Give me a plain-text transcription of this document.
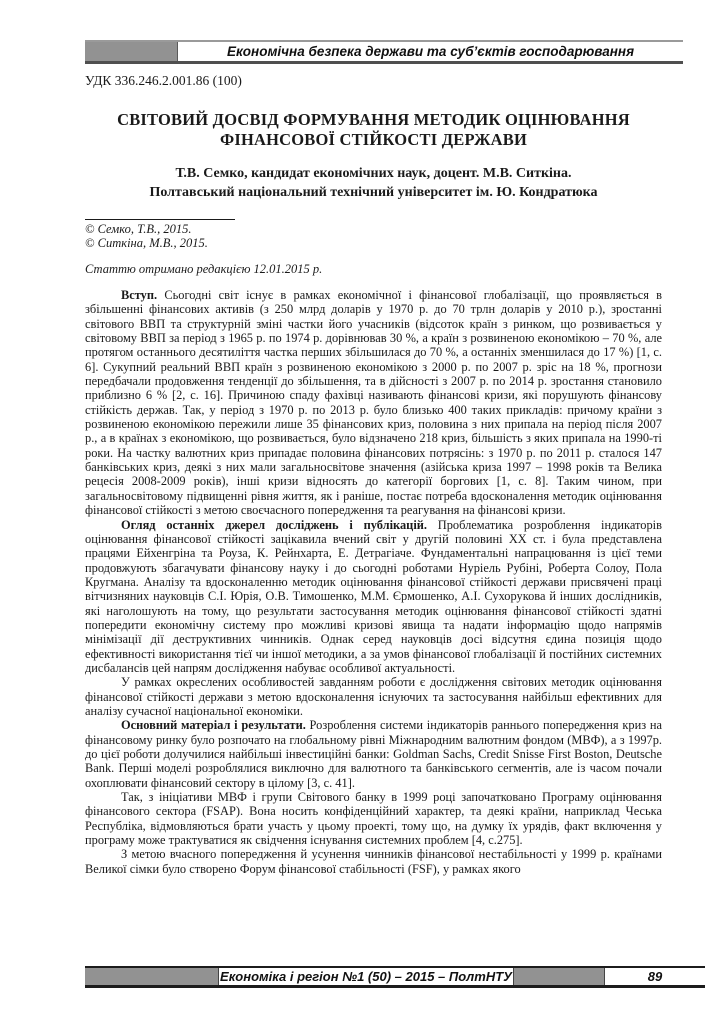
Економічна безпека держави та суб’єктів господарювання
УДК 336.246.2.001.86 (100)
СВІТОВИЙ ДОСВІД ФОРМУВАННЯ МЕТОДИК ОЦІНЮВАННЯ ФІНАНСОВОЇ СТІЙКОСТІ ДЕРЖАВИ
Т.В. Семко, кандидат економічних наук, доцент. М.В. Ситкіна.
Полтавський національний технічний університет ім. Ю. Кондратюка
© Семко, Т.В., 2015.
© Ситкіна, М.В., 2015.
Статтю отримано редакцією 12.01.2015 р.

Вступ. Сьогодні світ існує в рамках економічної і фінансової глобалізації, що проявляється в збільшенні фінансових активів (з 250 млрд доларів у 1970 р. до 70 трлн доларів у 2010 р.), зростанні світового ВВП та структурній зміні частки його учасників (відсоток країн з ринком, що розвивається у світовому ВВП за період з 1965 р. по 1974 р. дорівнював 30 %, а країн з розвиненою економікою – 70 %, але протягом останнього десятиліття частка перших збільшилася до 70 %, а останніх зменшилася до 17 %) [1, с. 6]. Сукупний реальний ВВП країн з розвиненою економікою з 2000 р. по 2007 р. зріс на 18 %, прогнози передбачали продовження тенденції до збільшення, та в дійсності з 2007 р. по 2014 р. зростання становило приблизно 6 % [2, с. 16]. Причиною спаду фахівці називають фінансові кризи, які порушують фінансову стійкість держав. Так, у період з 1970 р. по 2013 р. було близько 400 таких прикладів: причому країни з розвиненою економікою пережили лише 35 фінансових криз, половина з них припала на період після 2007 р., а в країнах з економікою, що розвивається, було відзначено 218 криз, більшість з яких припала на 1990-ті роки. На частку валютних криз припадає половина фінансових потрясінь: з 1970 р. по 2011 р. сталося 147 банківських криз, деякі з них мали загальносвітове значення (азійська криза 1997 – 1998 років та Велика рецесія 2008-2009 років), інші кризи відносять до категорії боргових [1, с. 8]. Таким чином, при загальносвітовому підвищенні рівня життя, як і раніше, постає потреба вдосконалення методик оцінювання фінансової стійкості з метою своєчасного попередження та реагування на фінансові кризи.

Огляд останніх джерел досліджень і публікацій. Проблематика розроблення індикаторів оцінювання фінансової стійкості зацікавила вчений світ у другій половині ХХ ст. і була представлена працями Ейхенгріна та Роуза, К. Рейнхарта, Е. Детрагіаче. Фундаментальні напрацювання із цієї теми продовжують збагачувати фінансову науку і до сьогодні роботами Нуріель Рубіні, Роберта Солоу, Пола Кругмана. Аналізу та вдосконаленню методик оцінювання фінансової стійкості держави присвячені праці вітчизняних науковців С.І. Юрія, О.В. Тимошенко, М.М. Єрмошенко, А.І. Сухорукова й інших дослідників, які наголошують на тому, що результати застосування методик оцінювання фінансової стійкості здатні попередити економічну систему про можливі кризові явища та надати інформацію щодо напрямів мінімізації дії деструктивних чинників. Однак серед науковців досі відсутня єдина позиція щодо ефективності використання тієї чи іншої методики, а за умов фінансової глобалізації й постійних системних дисбалансів цей напрям дослідження набуває особливої актуальності.

У рамках окреслених особливостей завданням роботи є дослідження світових методик оцінювання фінансової стійкості держави з метою вдосконалення існуючих та застосування найбільш ефективних для аналізу сучасної національної економіки.

Основний матеріал і результати. Розроблення системи індикаторів раннього попередження криз на фінансовому ринку було розпочато на глобальному рівні Міжнародним валютним фондом (МВФ), а з 1997р. до цієї роботи долучилися найбільші інвестиційні банки: Goldman Sachs, Credit Snisse First Boston, Deutsche Bank. Перші моделі розроблялися виключно для валютного та банківського сегментів, але із часом почали охоплювати фінансовий сектору в цілому [3, с. 41].

Так, з ініціативи МВФ і групи Світового банку в 1999 році започатковано Програму оцінювання фінансового сектора (FSAP). Вона носить конфіденційний характер, та деякі країни, наприклад Чеська Республіка, відмовляються брати участь у цьому проекті, тому що, на думку їх урядів, факт включення у програму може трактуватися як свідчення існування системних проблем [4, с.275].

З метою вчасного попередження й усунення чинників фінансової нестабільності у 1999 р. країнами Великої сімки було створено Форум фінансової стабільності (FSF), у рамках якого

Економіка і регіон №1 (50) – 2015 – ПолтНТУ	89
